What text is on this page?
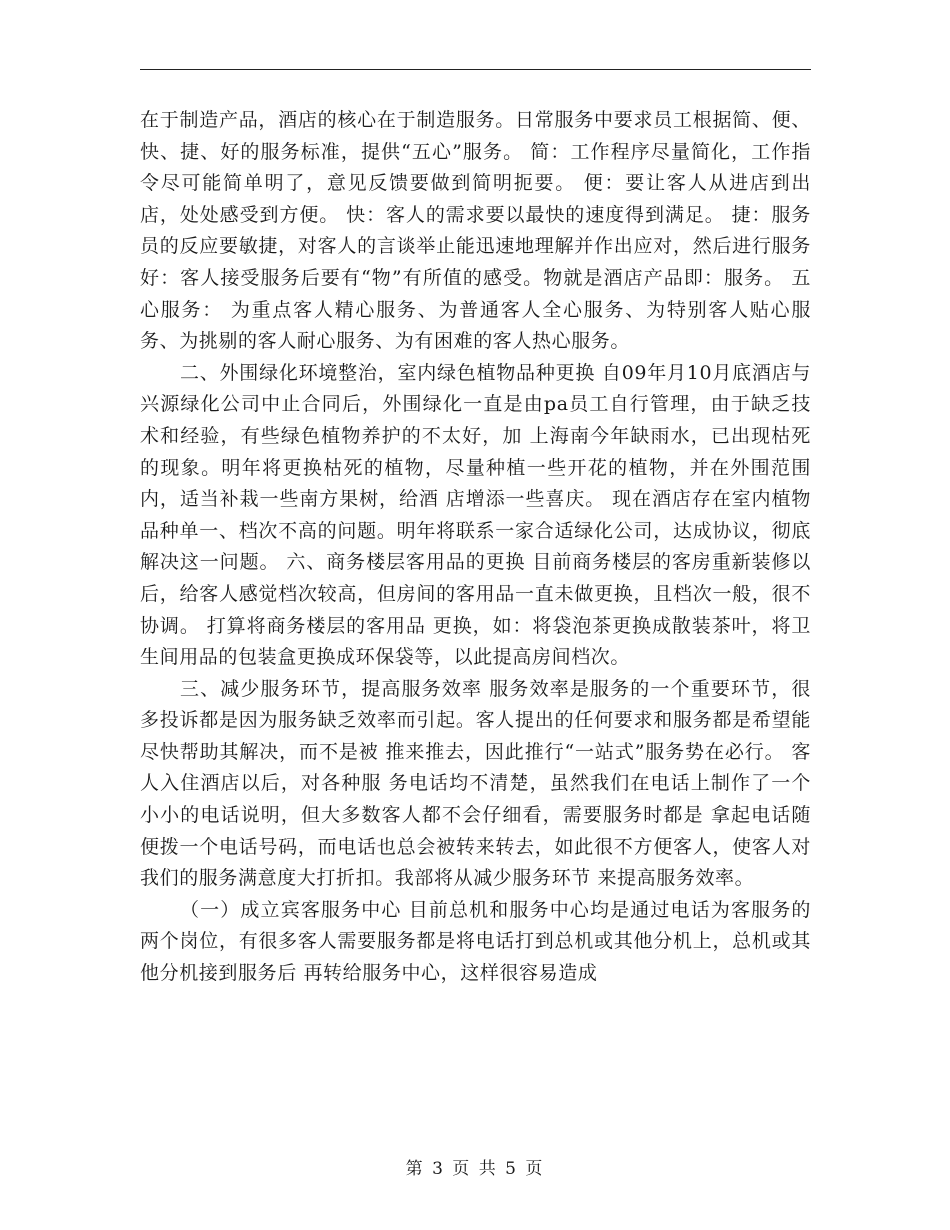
在于制造产品，酒店的核心在于制造服务。日常服务中要求员工根据简、便、快、捷、好的服务标准，提供“五心”服务。 简：工作程序尽量简化，工作指令尽可能简单明了，意见反馈要做到简明扼要。 便：要让客人从进店到出店，处处感受到方便。 快：客人的需求要以最快的速度得到满足。 捷：服务员的反应要敏捷，对客人的言谈举止能迅速地理解并作出应对，然后进行服务 好：客人接受服务后要有“物”有所值的感受。物就是酒店产品即：服务。 五心服务： 为重点客人精心服务、为普通客人全心服务、为特别客人贴心服务、为挑剔的客人耐心服务、为有困难的客人热心服务。

二、外围绿化环境整治，室内绿色植物品种更换 自09年月10月底酒店与兴源绿化公司中止合同后，外围绿化一直是由pa员工自行管理，由于缺乏技术和经验，有些绿色植物养护的不太好，加 上海南今年缺雨水，已出现枯死的现象。明年将更换枯死的植物，尽量种植一些开花的植物，并在外围范围内，适当补栽一些南方果树，给酒 店增添一些喜庆。 现在酒店存在室内植物品种单一、档次不高的问题。明年将联系一家合适绿化公司，达成协议，彻底解决这一问题。 六、商务楼层客用品的更换 目前商务楼层的客房重新装修以后，给客人感觉档次较高，但房间的客用品一直未做更换，且档次一般，很不协调。 打算将商务楼层的客用品 更换，如：将袋泡茶更换成散装茶叶，将卫生间用品的包装盒更换成环保袋等，以此提高房间档次。

三、减少服务环节，提高服务效率 服务效率是服务的一个重要环节，很多投诉都是因为服务缺乏效率而引起。客人提出的任何要求和服务都是希望能尽快帮助其解决，而不是被 推来推去，因此推行“一站式”服务势在必行。 客人入住酒店以后，对各种服 务电话均不清楚，虽然我们在电话上制作了一个小小的电话说明，但大多数客人都不会仔细看，需要服务时都是 拿起电话随便拨一个电话号码，而电话也总会被转来转去，如此很不方便客人，使客人对我们的服务满意度大打折扣。我部将从减少服务环节 来提高服务效率。

（一）成立宾客服务中心 目前总机和服务中心均是通过电话为客服务的两个岗位，有很多客人需要服务都是将电话打到总机或其他分机上，总机或其他分机接到服务后 再转给服务中心，这样很容易造成

第 3 页 共 5 页
